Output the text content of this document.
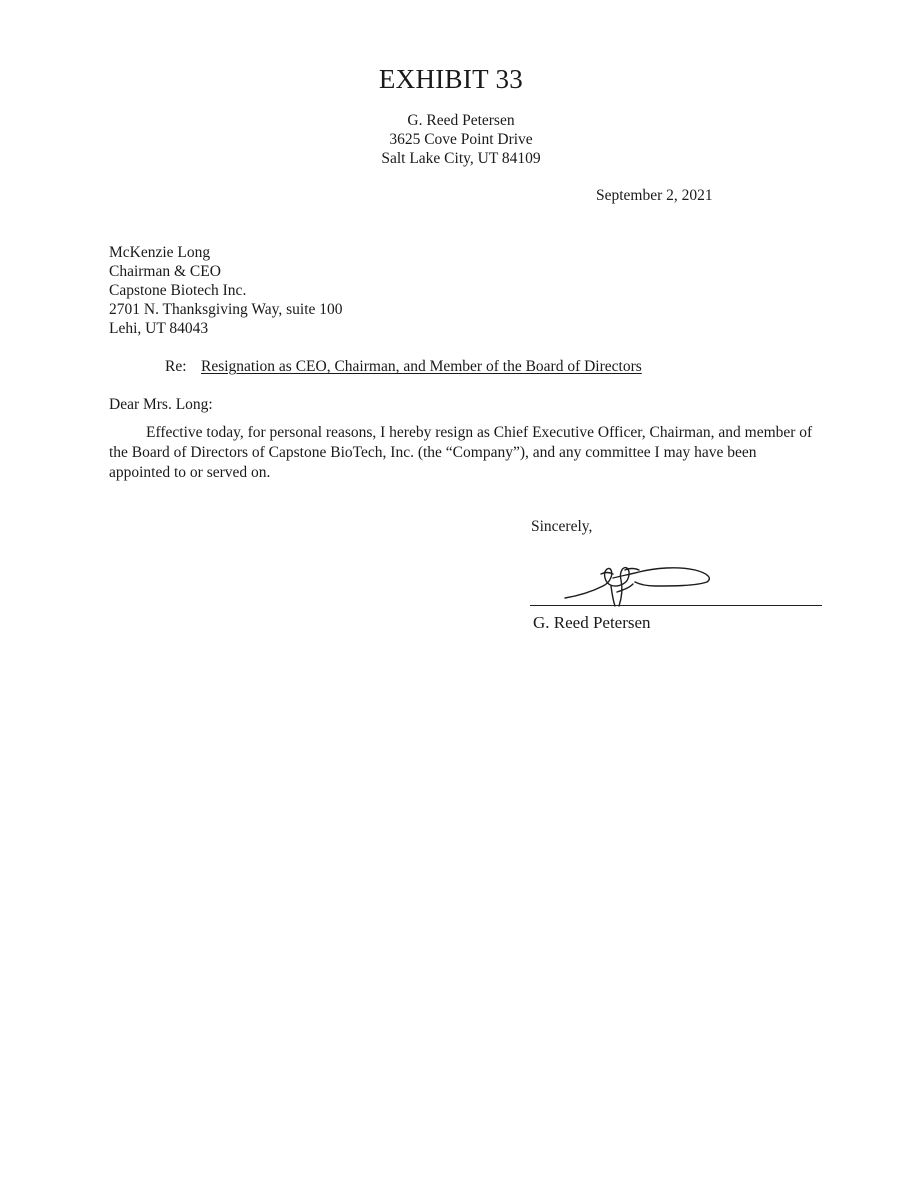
EXHIBIT 33
G. Reed Petersen
3625 Cove Point Drive
Salt Lake City, UT 84109
September 2, 2021
McKenzie Long
Chairman & CEO
Capstone Biotech Inc.
2701 N. Thanksgiving Way, suite 100
Lehi, UT 84043
Re: Resignation as CEO, Chairman, and Member of the Board of Directors
Dear Mrs. Long:

Effective today, for personal reasons, I hereby resign as Chief Executive Officer, Chairman, and member of the Board of Directors of Capstone BioTech, Inc. (the “Company”), and any committee I may have been appointed to or served on.

Sincerely,
G. Reed Petersen
